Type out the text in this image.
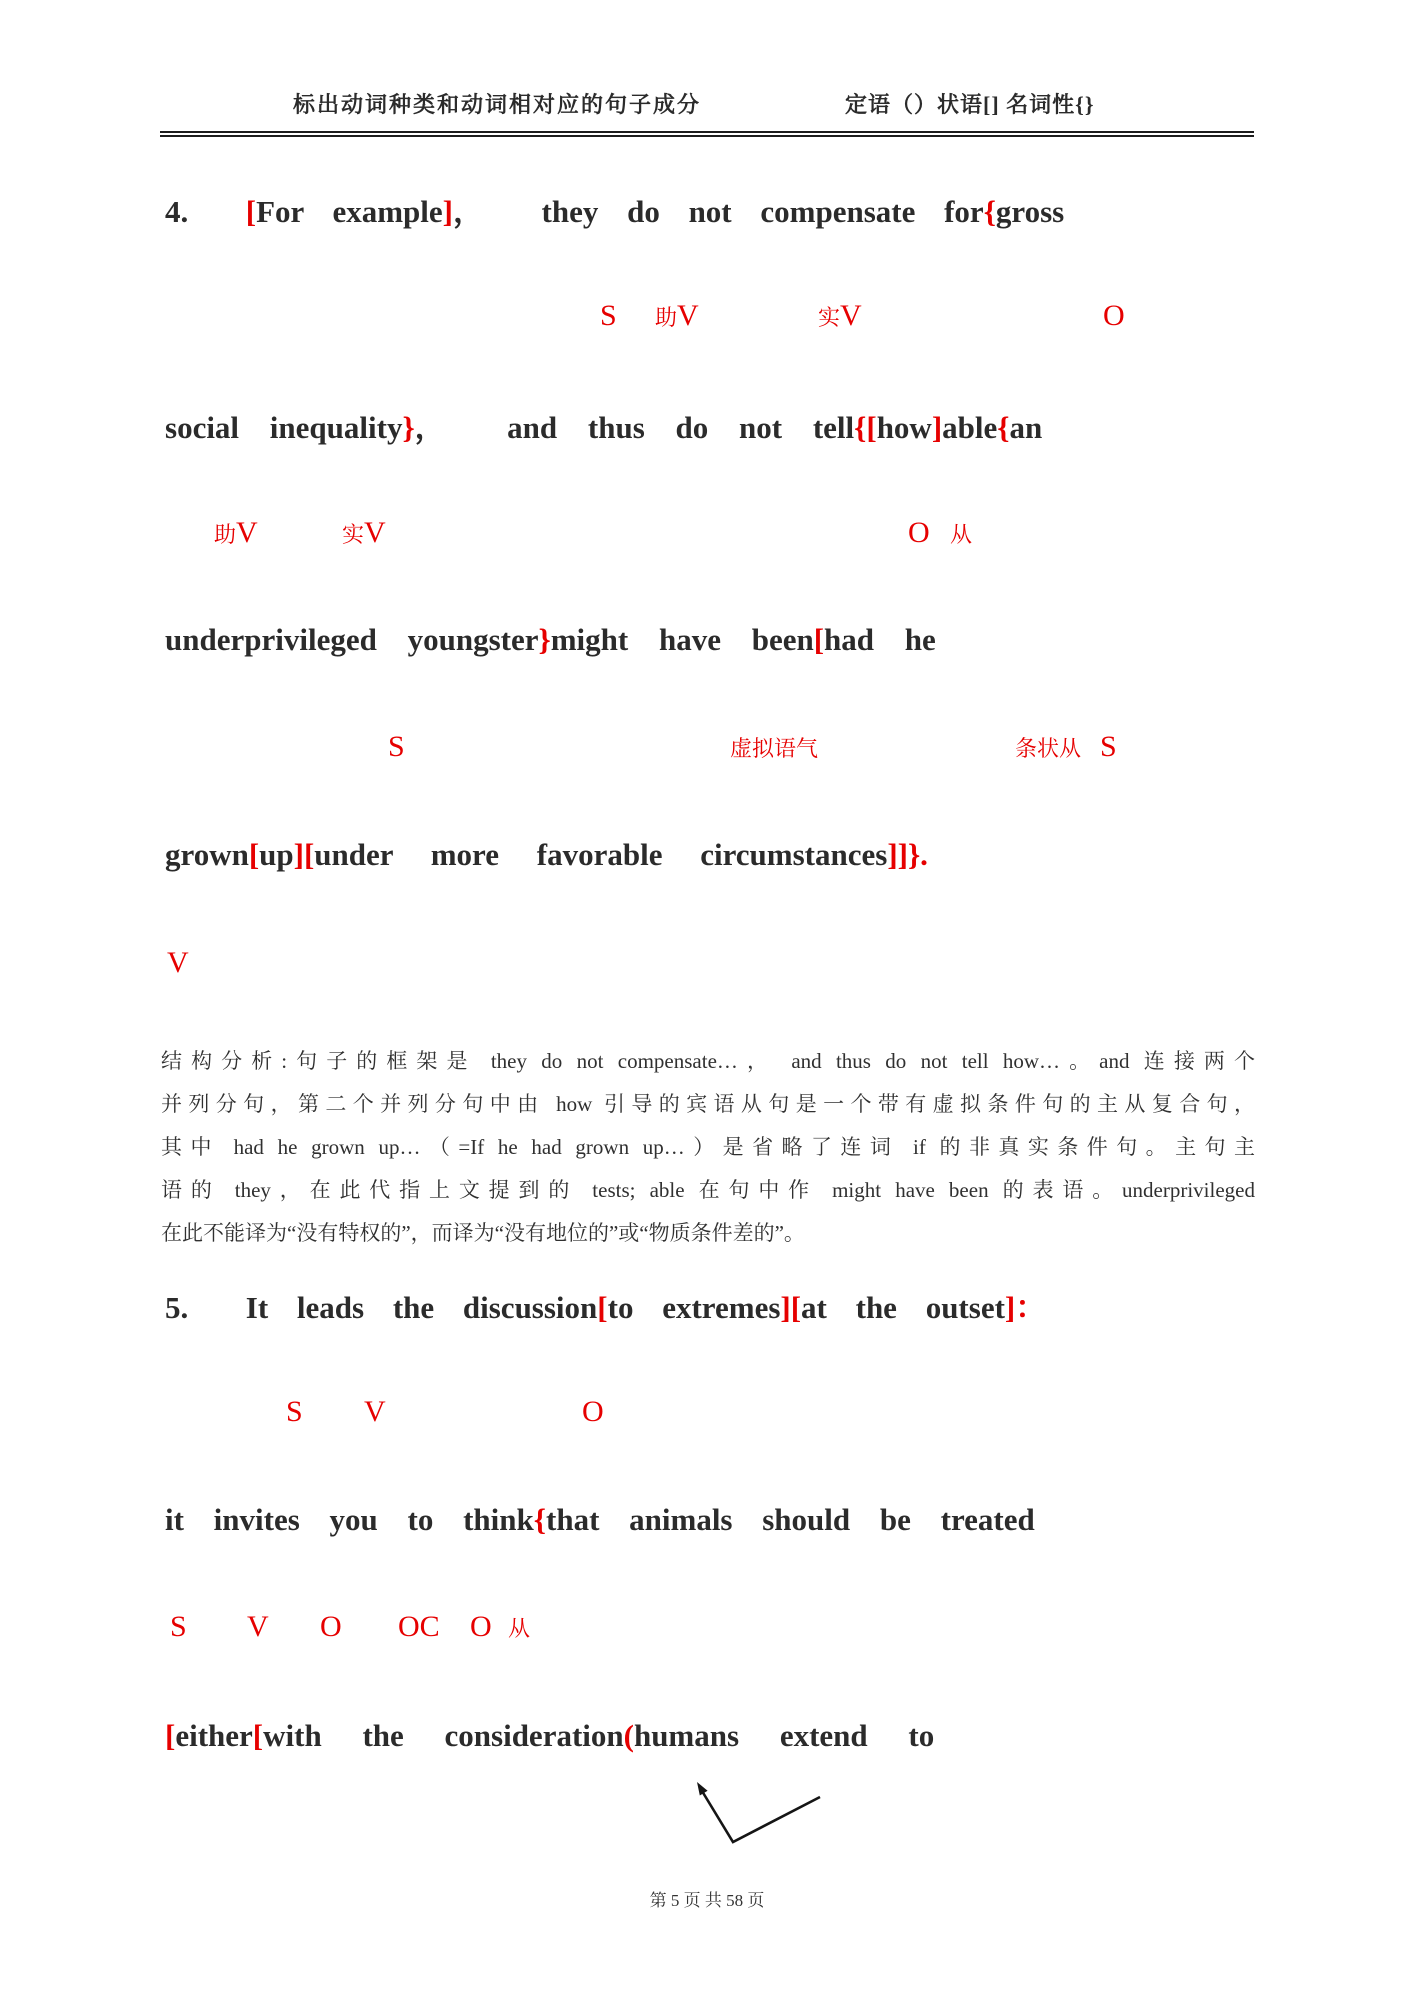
标出动词种类和动词相对应的句子成分	定语（）状语[] 名词性{}
4.  [For example]，  they do not compensate for{gross
S 助V	实V	O
social inequality}，  and thus do not tell{[how]able{an
助V	实V	O 从
underprivileged youngster}might have been[had he
S	虚拟语气	条状从 S
grown[up][under more favorable circumstances]]}.
V
结构分析:句子的框架是 they do not compensate…， and thus do not tell how…。and 连接两个
并列分句，第二个并列分句中由 how 引导的宾语从句是一个带有虚拟条件句的主从复合句，
其中 had he grown up…（=If he had grown up…）是省略了连词 if 的非真实条件句。主句主
语的 they，在此代指上文提到的 tests; able 在句中作 might have been 的表语。underprivileged
在此不能译为“没有特权的”，而译为“没有地位的”或“物质条件差的”。
5.  It leads the discussion[to extremes][at the outset]：
S V	O
it invites you to think{that animals should be treated
S V O OC O 从
[either[with the consideration(humans extend to
第 5 页 共 58 页
